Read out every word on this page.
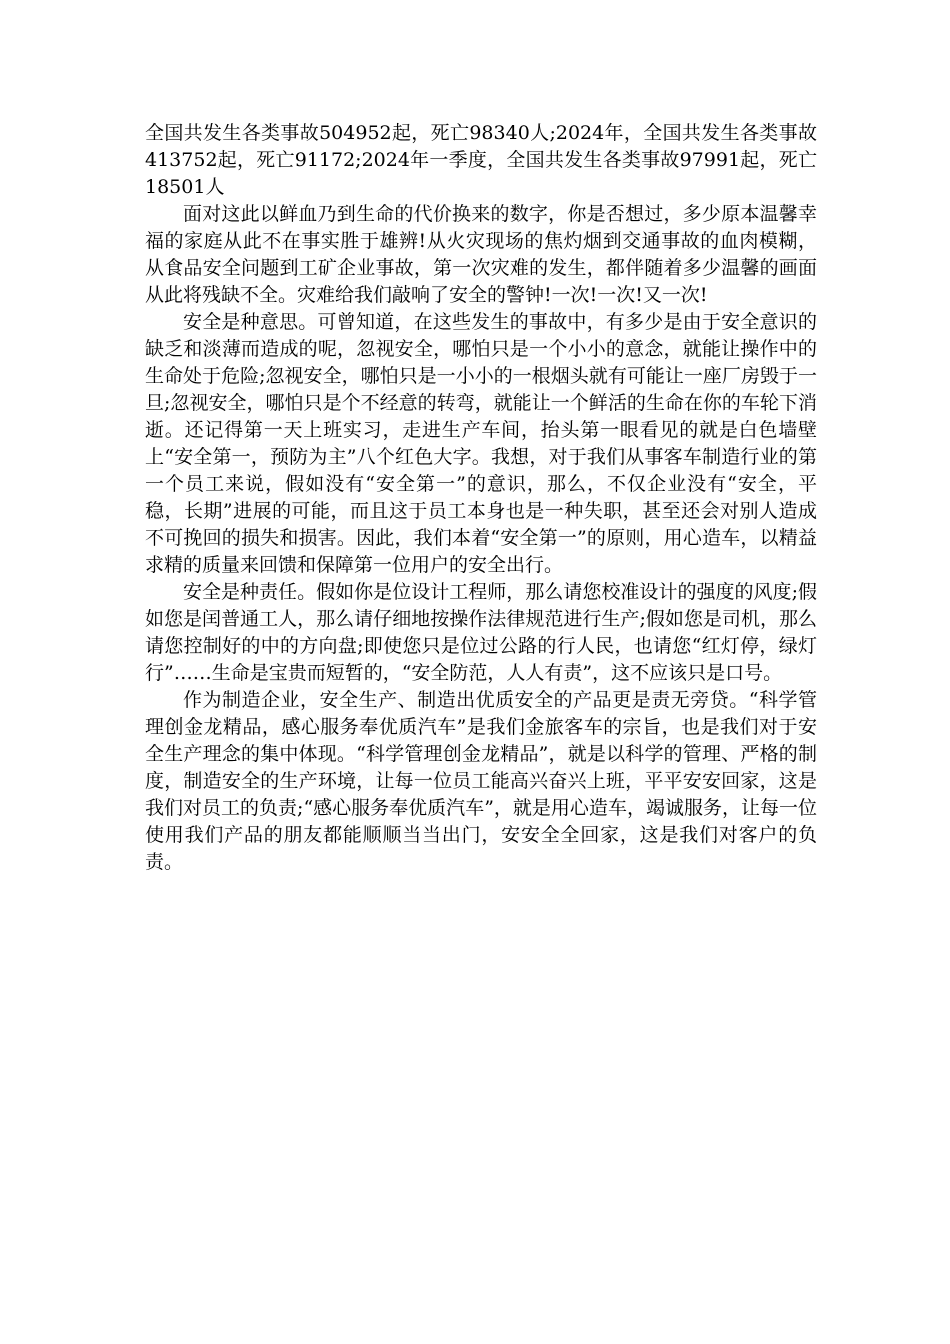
全国共发生各类事故504952起，死亡98340人;2024年，全国共发生各类事故413752起，死亡91172;2024年一季度，全国共发生各类事故97991起，死亡18501人

面对这此以鲜血乃到生命的代价换来的数字，你是否想过，多少原本温馨幸福的家庭从此不在事实胜于雄辨!从火灾现场的焦灼烟到交通事故的血肉模糊，从食品安全问题到工矿企业事故，第一次灾难的发生，都伴随着多少温馨的画面从此将残缺不全。灾难给我们敲响了安全的警钟!一次!一次!又一次!

安全是种意思。可曾知道，在这些发生的事故中，有多少是由于安全意识的缺乏和淡薄而造成的呢，忽视安全，哪怕只是一个小小的意念，就能让操作中的生命处于危险;忽视安全，哪怕只是一小小的一根烟头就有可能让一座厂房毁于一旦;忽视安全，哪怕只是个不经意的转弯，就能让一个鲜活的生命在你的车轮下消逝。还记得第一天上班实习，走进生产车间，抬头第一眼看见的就是白色墙壁上“安全第一，预防为主”八个红色大字。我想，对于我们从事客车制造行业的第一个员工来说，假如没有“安全第一”的意识，那么，不仅企业没有“安全，平稳，长期”进展的可能，而且这于员工本身也是一种失职，甚至还会对别人造成不可挽回的损失和损害。因此，我们本着“安全第一”的原则，用心造车，以精益求精的质量来回馈和保障第一位用户的安全出行。

安全是种责任。假如你是位设计工程师，那么请您校准设计的强度的风度;假如您是闰普通工人，那么请仔细地按操作法律规范进行生产;假如您是司机，那么请您控制好的中的方向盘;即使您只是位过公路的行人民，也请您“红灯停，绿灯行”……生命是宝贵而短暂的，“安全防范，人人有责”，这不应该只是口号。

作为制造企业，安全生产、制造出优质安全的产品更是责无旁贷。“科学管理创金龙精品，感心服务奉优质汽车”是我们金旅客车的宗旨，也是我们对于安全生产理念的集中体现。“科学管理创金龙精品”，就是以科学的管理、严格的制度，制造安全的生产环境，让每一位员工能高兴奋兴上班，平平安安回家，这是我们对员工的负责;“感心服务奉优质汽车”，就是用心造车，竭诚服务，让每一位使用我们产品的朋友都能顺顺当当出门，安安全全回家，这是我们对客户的负责。
